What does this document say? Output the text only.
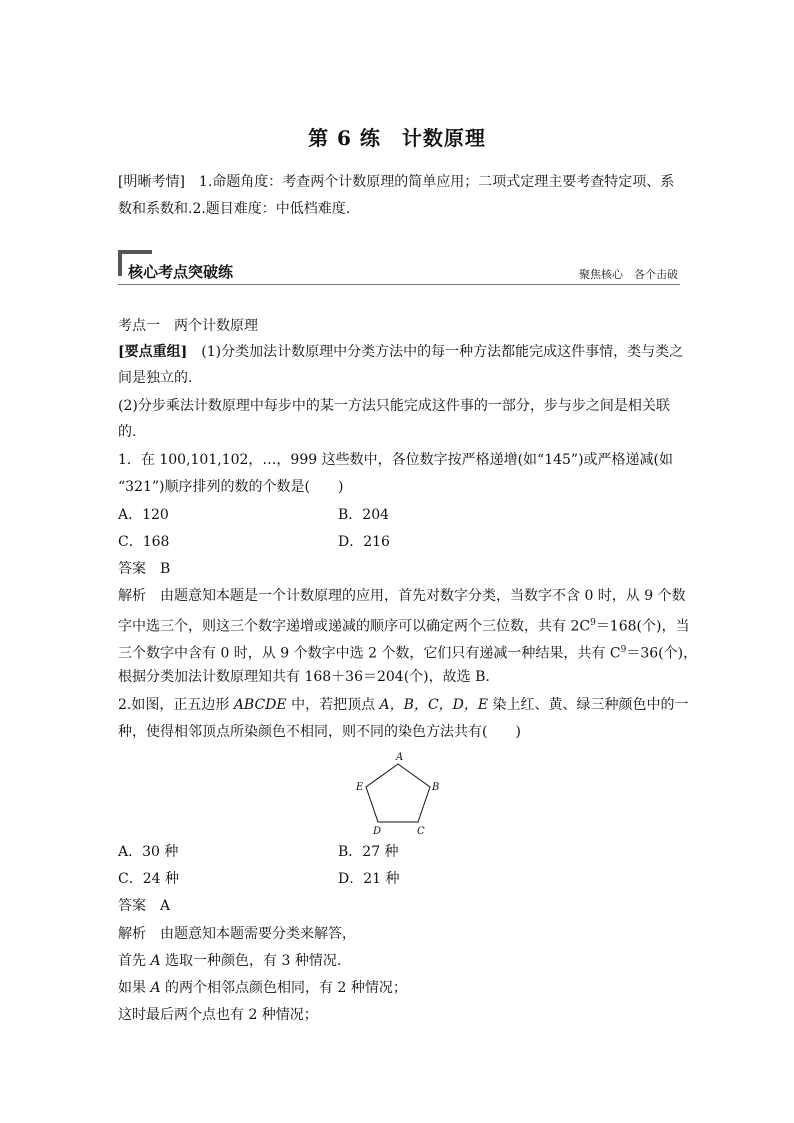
第 6 练　计数原理
[明晰考情]　1.命题角度：考查两个计数原理的简单应用；二项式定理主要考查特定项、系
数和系数和.2.题目难度：中低档难度.
核心考点突破练	聚焦核心　各个击破
考点一　两个计数原理
[要点重组]　(1)分类加法计数原理中分类方法中的每一种方法都能完成这件事情，类与类之
间是独立的.
(2)分步乘法计数原理中每步中的某一方法只能完成这件事的一部分，步与步之间是相关联
的.
1．在 100,101,102，…，999 这些数中，各位数字按严格递增(如“145”)或严格递减(如
“321”)顺序排列的数的个数是(　　)
A．120	B．204
C．168	D．216
答案　B
解析　由题意知本题是一个计数原理的应用，首先对数字分类，当数字不含 0 时，从 9 个数
字中选三个，则这三个数字递增或递减的顺序可以确定两个三位数，共有 $2C^9=168$(个)，当
三个数字中含有 0 时，从 9 个数字中选 2 个数，它们只有递减一种结果，共有 $C^9=36$(个)，
根据分类加法计数原理知共有 168＋36＝204(个)，故选 B.
2.如图，正五边形 ABCDE 中，若把顶点 A，B，C，D，E 染上红、黄、绿三种颜色中的一
种，使得相邻顶点所染颜色不相同，则不同的染色方法共有(　　)
A
B
C
D
E
A．30 种	B．27 种
C．24 种	D．21 种
答案　A
解析　由题意知本题需要分类来解答，
首先 A 选取一种颜色，有 3 种情况.
如果 A 的两个相邻点颜色相同，有 2 种情况；
这时最后两个点也有 2 种情况；
